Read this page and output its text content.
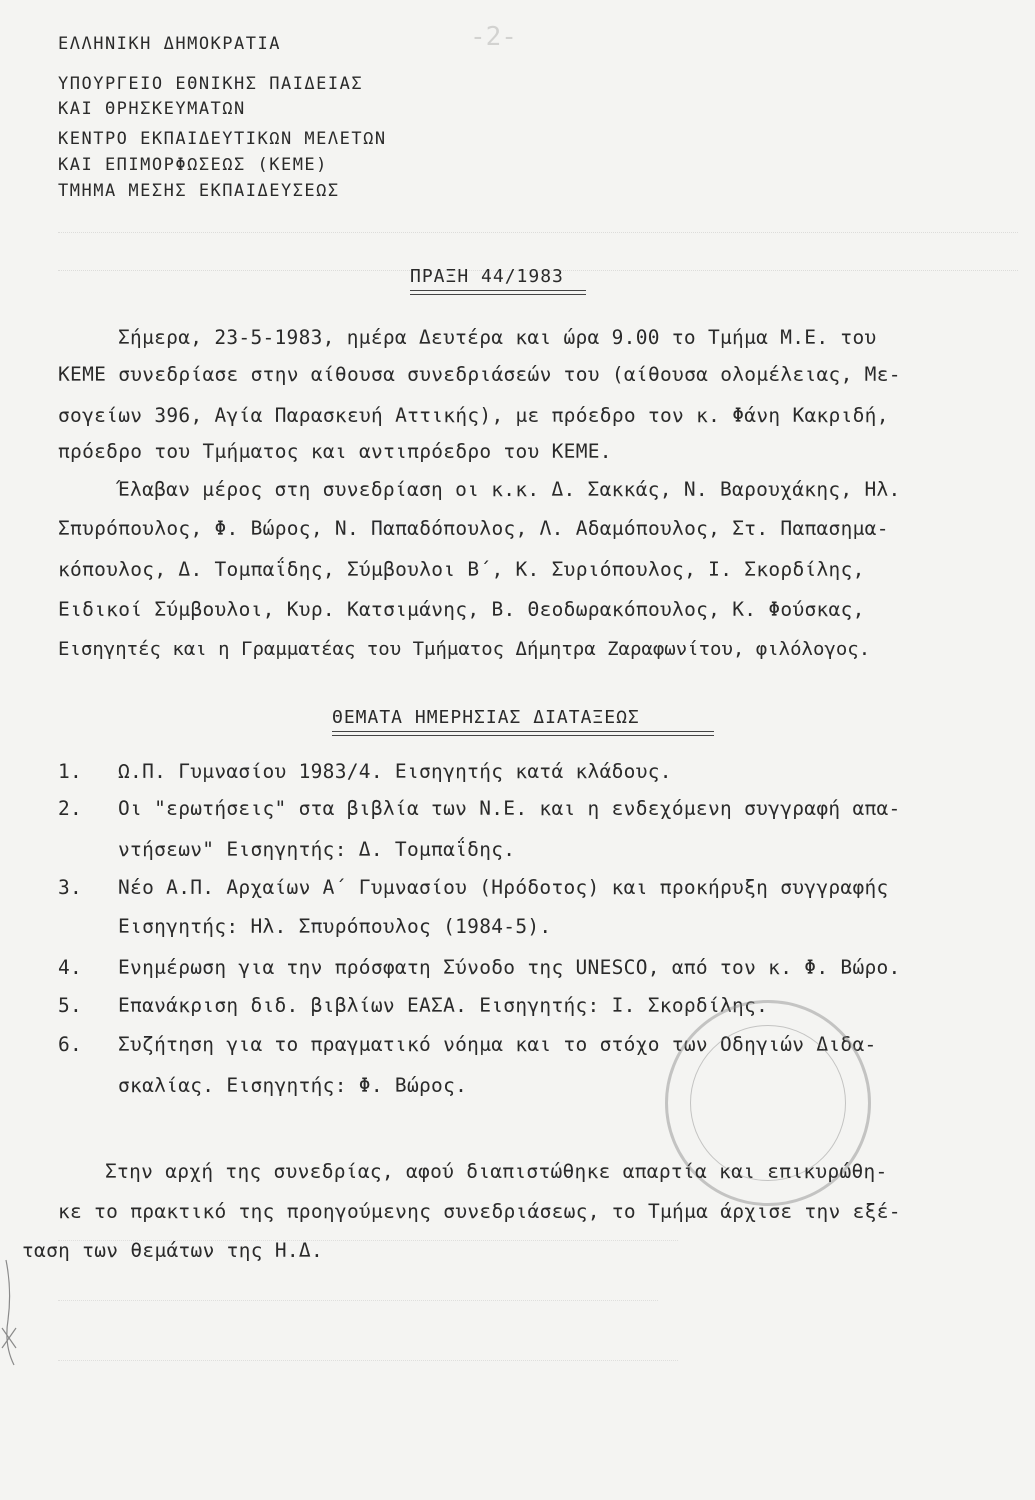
-2-
ΕΛΛΗΝΙΚΗ ΔΗΜΟΚΡΑΤΙΑ
ΥΠΟΥΡΓΕΙΟ ΕΘΝΙΚΗΣ ΠΑΙΔΕΙΑΣ
ΚΑΙ ΘΡΗΣΚΕΥΜΑΤΩΝ
ΚΕΝΤΡΟ ΕΚΠΑΙΔΕΥΤΙΚΩΝ ΜΕΛΕΤΩΝ
ΚΑΙ ΕΠΙΜΟΡΦΩΣΕΩΣ (ΚΕΜΕ)
ΤΜΗΜΑ ΜΕΣΗΣ ΕΚΠΑΙΔΕΥΣΕΩΣ
ΠΡΑΞΗ 44/1983
Σήμερα, 23-5-1983, ημέρα Δευτέρα και ώρα 9.00 το Τμήμα Μ.Ε. του
ΚΕΜΕ συνεδρίασε στην αίθουσα συνεδριάσεών του (αίθουσα ολομέλειας, Με-
σογείων 396, Αγία Παρασκευή Αττικής), με πρόεδρο τον κ. Φάνη Κακριδή,
πρόεδρο του Τμήματος και αντιπρόεδρο του ΚΕΜΕ.
Έλαβαν μέρος στη συνεδρίαση οι κ.κ. Δ. Σακκάς, Ν. Βαρουχάκης, Ηλ.
Σπυρόπουλος, Φ. Βώρος, Ν. Παπαδόπουλος, Λ. Αδαμόπουλος, Στ. Παπασημα-
κόπουλος, Δ. Τομπαΐδης, Σύμβουλοι Β΄, Κ. Συριόπουλος, Ι. Σκορδίλης,
Ειδικοί Σύμβουλοι, Κυρ. Κατσιμάνης, Β. Θεοδωρακόπουλος, Κ. Φούσκας,
Εισηγητές και η Γραμματέας του Τμήματος Δήμητρα Ζαραφωνίτου, φιλόλογος.
ΘΕΜΑΤΑ ΗΜΕΡΗΣΙΑΣ ΔΙΑΤΑΞΕΩΣ
1. Ω.Π. Γυμνασίου 1983/4. Εισηγητής κατά κλάδους.
2. Οι "ερωτήσεις" στα βιβλία των Ν.Ε. και η ενδεχόμενη συγγραφή απα-
ντήσεων" Εισηγητής: Δ. Τομπαΐδης.
3. Νέο Α.Π. Αρχαίων Α΄ Γυμνασίου (Ηρόδοτος) και προκήρυξη συγγραφής
Εισηγητής: Ηλ. Σπυρόπουλος (1984-5).
4. Ενημέρωση για την πρόσφατη Σύνοδο της UNESCO, από τον κ. Φ. Βώρο.
5. Επανάκριση διδ. βιβλίων ΕΑΣΑ. Εισηγητής: Ι. Σκορδίλης.
6. Συζήτηση για το πραγματικό νόημα και το στόχο των Οδηγιών Διδα-
σκαλίας. Εισηγητής: Φ. Βώρος.
Στην αρχή της συνεδρίας, αφού διαπιστώθηκε απαρτία και επικυρώθη-
κε το πρακτικό της προηγούμενης συνεδριάσεως, το Τμήμα άρχισε την εξέ-
ταση των θεμάτων της Η.Δ.
